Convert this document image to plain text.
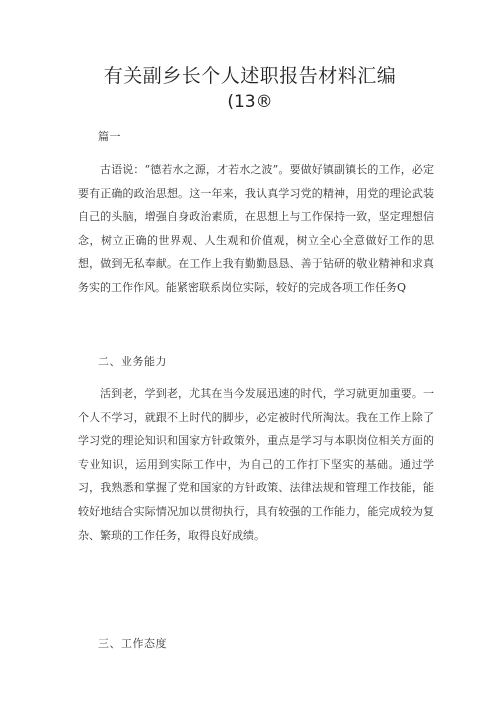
有关副乡长个人述职报告材料汇编
(13®
篇一

古语说：“德若水之源，才若水之波”。要做好镇副镇长的工作，必定要有正确的政治思想。这一年来，我认真学习党的精神，用党的理论武装自己的头脑，增强自身政治素质，在思想上与工作保持一致，坚定理想信念，树立正确的世界观、人生观和价值观，树立全心全意做好工作的思想，做到无私奉献。在工作上我有勤勤恳恳、善于钻研的敬业精神和求真务实的工作作风。能紧密联系岗位实际，较好的完成各项工作任务Q

二、业务能力

活到老，学到老，尤其在当今发展迅速的时代，学习就更加重要。一个人不学习，就跟不上时代的脚步，必定被时代所淘汰。我在工作上除了学习党的理论知识和国家方针政策外，重点是学习与本职岗位相关方面的专业知识，运用到实际工作中，为自己的工作打下坚实的基础。通过学习，我熟悉和掌握了党和国家的方针政策、法律法规和管理工作技能，能较好地结合实际情况加以贯彻执行，具有较强的工作能力，能完成较为复杂、繁琐的工作任务，取得良好成绩。

三、工作态度
